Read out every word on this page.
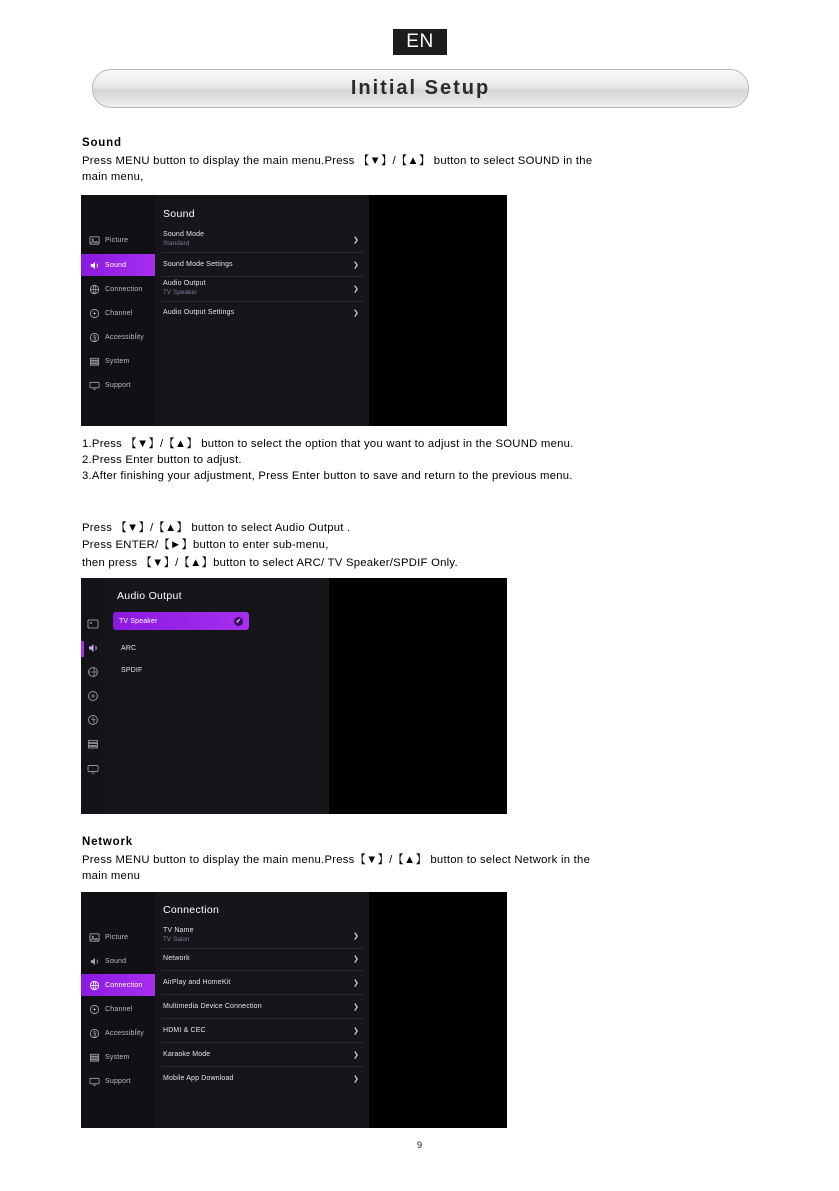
EN
Initial Setup
Sound
Press MENU button to display the main menu.Press 【▼】/【▲】 button to select SOUND in the
main menu,
Sound
Picture
Sound
Connection
Channel
Accessiblity
System
Support
Sound Mode
Standard	❯
Sound Mode Settings	❯
Audio Output
TV Speaker	❯
Audio Output Settings	❯
1.Press 【▼】/【▲】 button to select the option that you want to adjust in the SOUND menu.
2.Press Enter button to adjust.
3.After finishing your adjustment, Press Enter button to save and return to the previous menu.
Press 【▼】/【▲】 button to select Audio Output .
Press ENTER/【►】button to enter sub-menu,
then press 【▼】/【▲】button to select ARC/ TV Speaker/SPDIF Only.
Audio Output
TV Speaker	✔
ARC
SPDIF
Network
Press MENU button to display the main menu.Press【▼】/【▲】 button to select Network in the
main menu
Connection
Picture
Sound
Connection
Channel
Accessiblity
System
Support
TV Name
TV Salon	❯
Network	❯
AirPlay and HomeKit	❯
Multimedia Device Connection	❯
HDMI & CEC	❯
Karaoke Mode	❯
Mobile App Download	❯
9
